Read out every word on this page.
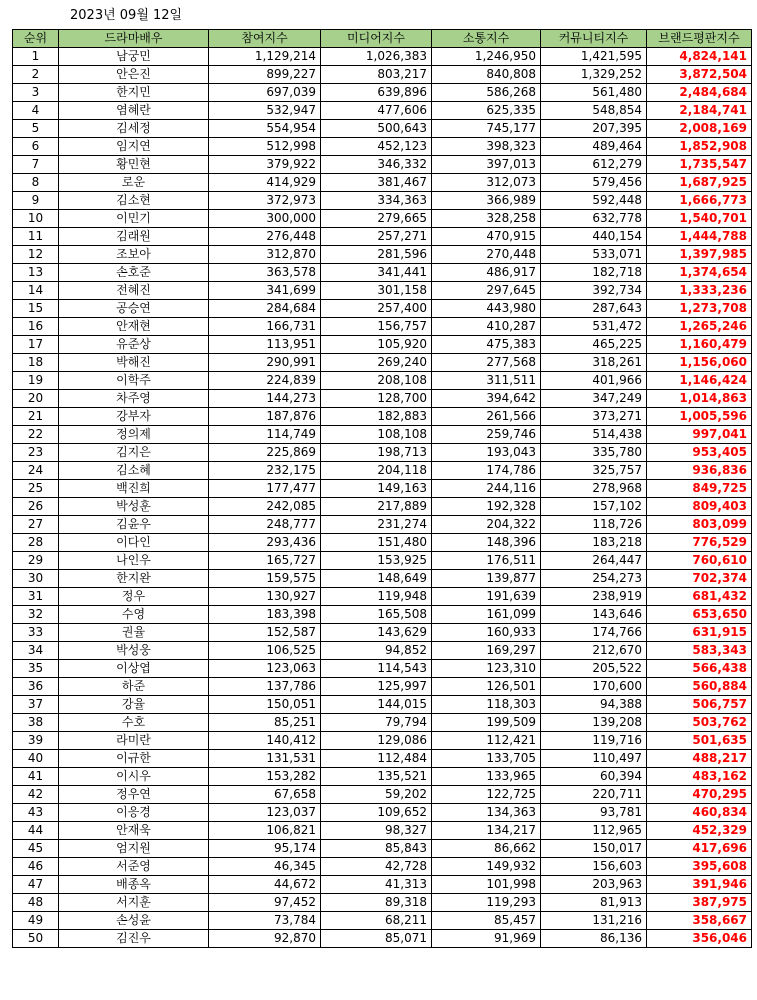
2023년 09월 12일
순위	드라마배우	참여지수	미디어지수	소통지수	커뮤니티지수	브랜드평판지수
1	남궁민	1,129,214	1,026,383	1,246,950	1,421,595	4,824,141
2	안은진	899,227	803,217	840,808	1,329,252	3,872,504
3	한지민	697,039	639,896	586,268	561,480	2,484,684
4	염혜란	532,947	477,606	625,335	548,854	2,184,741
5	김세정	554,954	500,643	745,177	207,395	2,008,169
6	임지연	512,998	452,123	398,323	489,464	1,852,908
7	황민현	379,922	346,332	397,013	612,279	1,735,547
8	로운	414,929	381,467	312,073	579,456	1,687,925
9	김소현	372,973	334,363	366,989	592,448	1,666,773
10	이민기	300,000	279,665	328,258	632,778	1,540,701
11	김래원	276,448	257,271	470,915	440,154	1,444,788
12	조보아	312,870	281,596	270,448	533,071	1,397,985
13	손호준	363,578	341,441	486,917	182,718	1,374,654
14	전혜진	341,699	301,158	297,645	392,734	1,333,236
15	공승연	284,684	257,400	443,980	287,643	1,273,708
16	안재현	166,731	156,757	410,287	531,472	1,265,246
17	유준상	113,951	105,920	475,383	465,225	1,160,479
18	박해진	290,991	269,240	277,568	318,261	1,156,060
19	이학주	224,839	208,108	311,511	401,966	1,146,424
20	차주영	144,273	128,700	394,642	347,249	1,014,863
21	강부자	187,876	182,883	261,566	373,271	1,005,596
22	정의제	114,749	108,108	259,746	514,438	997,041
23	김지은	225,869	198,713	193,043	335,780	953,405
24	김소혜	232,175	204,118	174,786	325,757	936,836
25	백진희	177,477	149,163	244,116	278,968	849,725
26	박성훈	242,085	217,889	192,328	157,102	809,403
27	김윤우	248,777	231,274	204,322	118,726	803,099
28	이다인	293,436	151,480	148,396	183,218	776,529
29	나인우	165,727	153,925	176,511	264,447	760,610
30	한지완	159,575	148,649	139,877	254,273	702,374
31	정우	130,927	119,948	191,639	238,919	681,432
32	수영	183,398	165,508	161,099	143,646	653,650
33	권율	152,587	143,629	160,933	174,766	631,915
34	박성웅	106,525	94,852	169,297	212,670	583,343
35	이상엽	123,063	114,543	123,310	205,522	566,438
36	하준	137,786	125,997	126,501	170,600	560,884
37	강율	150,051	144,015	118,303	94,388	506,757
38	수호	85,251	79,794	199,509	139,208	503,762
39	라미란	140,412	129,086	112,421	119,716	501,635
40	이규한	131,531	112,484	133,705	110,497	488,217
41	이시우	153,282	135,521	133,965	60,394	483,162
42	정우연	67,658	59,202	122,725	220,711	470,295
43	이응경	123,037	109,652	134,363	93,781	460,834
44	안재욱	106,821	98,327	134,217	112,965	452,329
45	엄지원	95,174	85,843	86,662	150,017	417,696
46	서준영	46,345	42,728	149,932	156,603	395,608
47	배종옥	44,672	41,313	101,998	203,963	391,946
48	서지훈	97,452	89,318	119,293	81,913	387,975
49	손성윤	73,784	68,211	85,457	131,216	358,667
50	김진우	92,870	85,071	91,969	86,136	356,046
